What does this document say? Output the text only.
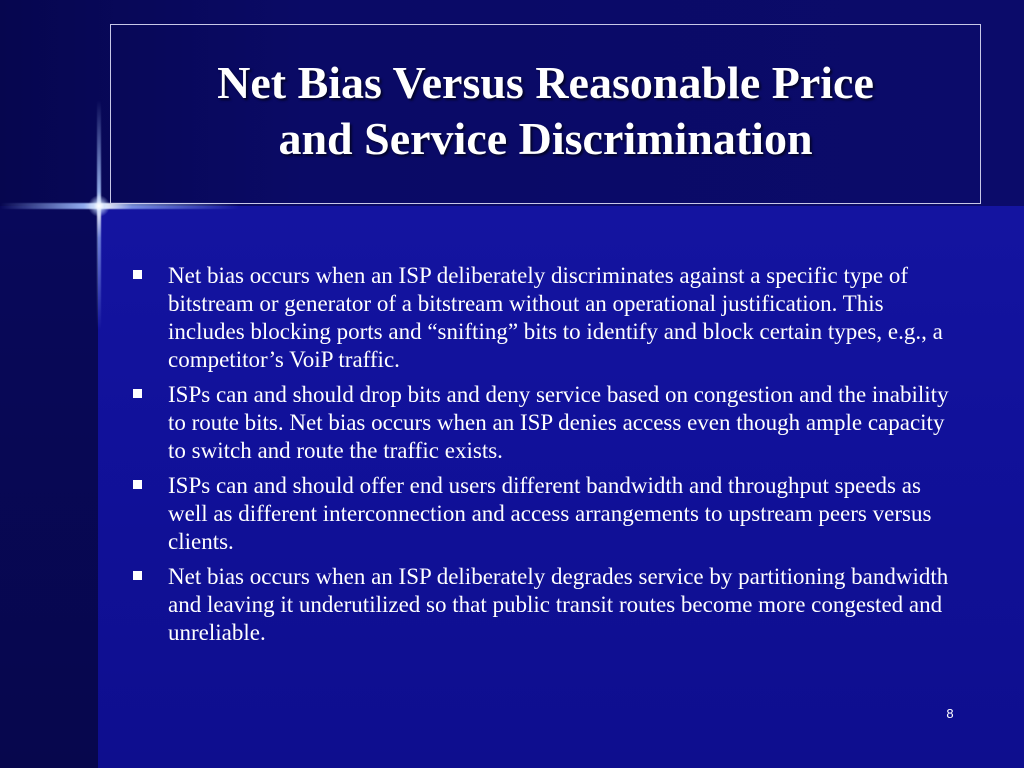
Net Bias Versus Reasonable Price
and Service Discrimination
Net bias occurs when an ISP deliberately discriminates against a specific type of bitstream or generator of a bitstream without an operational justification. This includes blocking ports and “snifting” bits to identify and block certain types, e.g., a competitor’s VoiP traffic.
ISPs can and should drop bits and deny service based on congestion and the inability to route bits. Net bias occurs when an ISP denies access even though ample capacity to switch and route the traffic exists.
ISPs can and should offer end users different bandwidth and throughput speeds as well as different interconnection and access arrangements to upstream peers versus clients.
Net bias occurs when an ISP deliberately degrades service by partitioning bandwidth and leaving it underutilized so that public transit routes become more congested and unreliable.
8
